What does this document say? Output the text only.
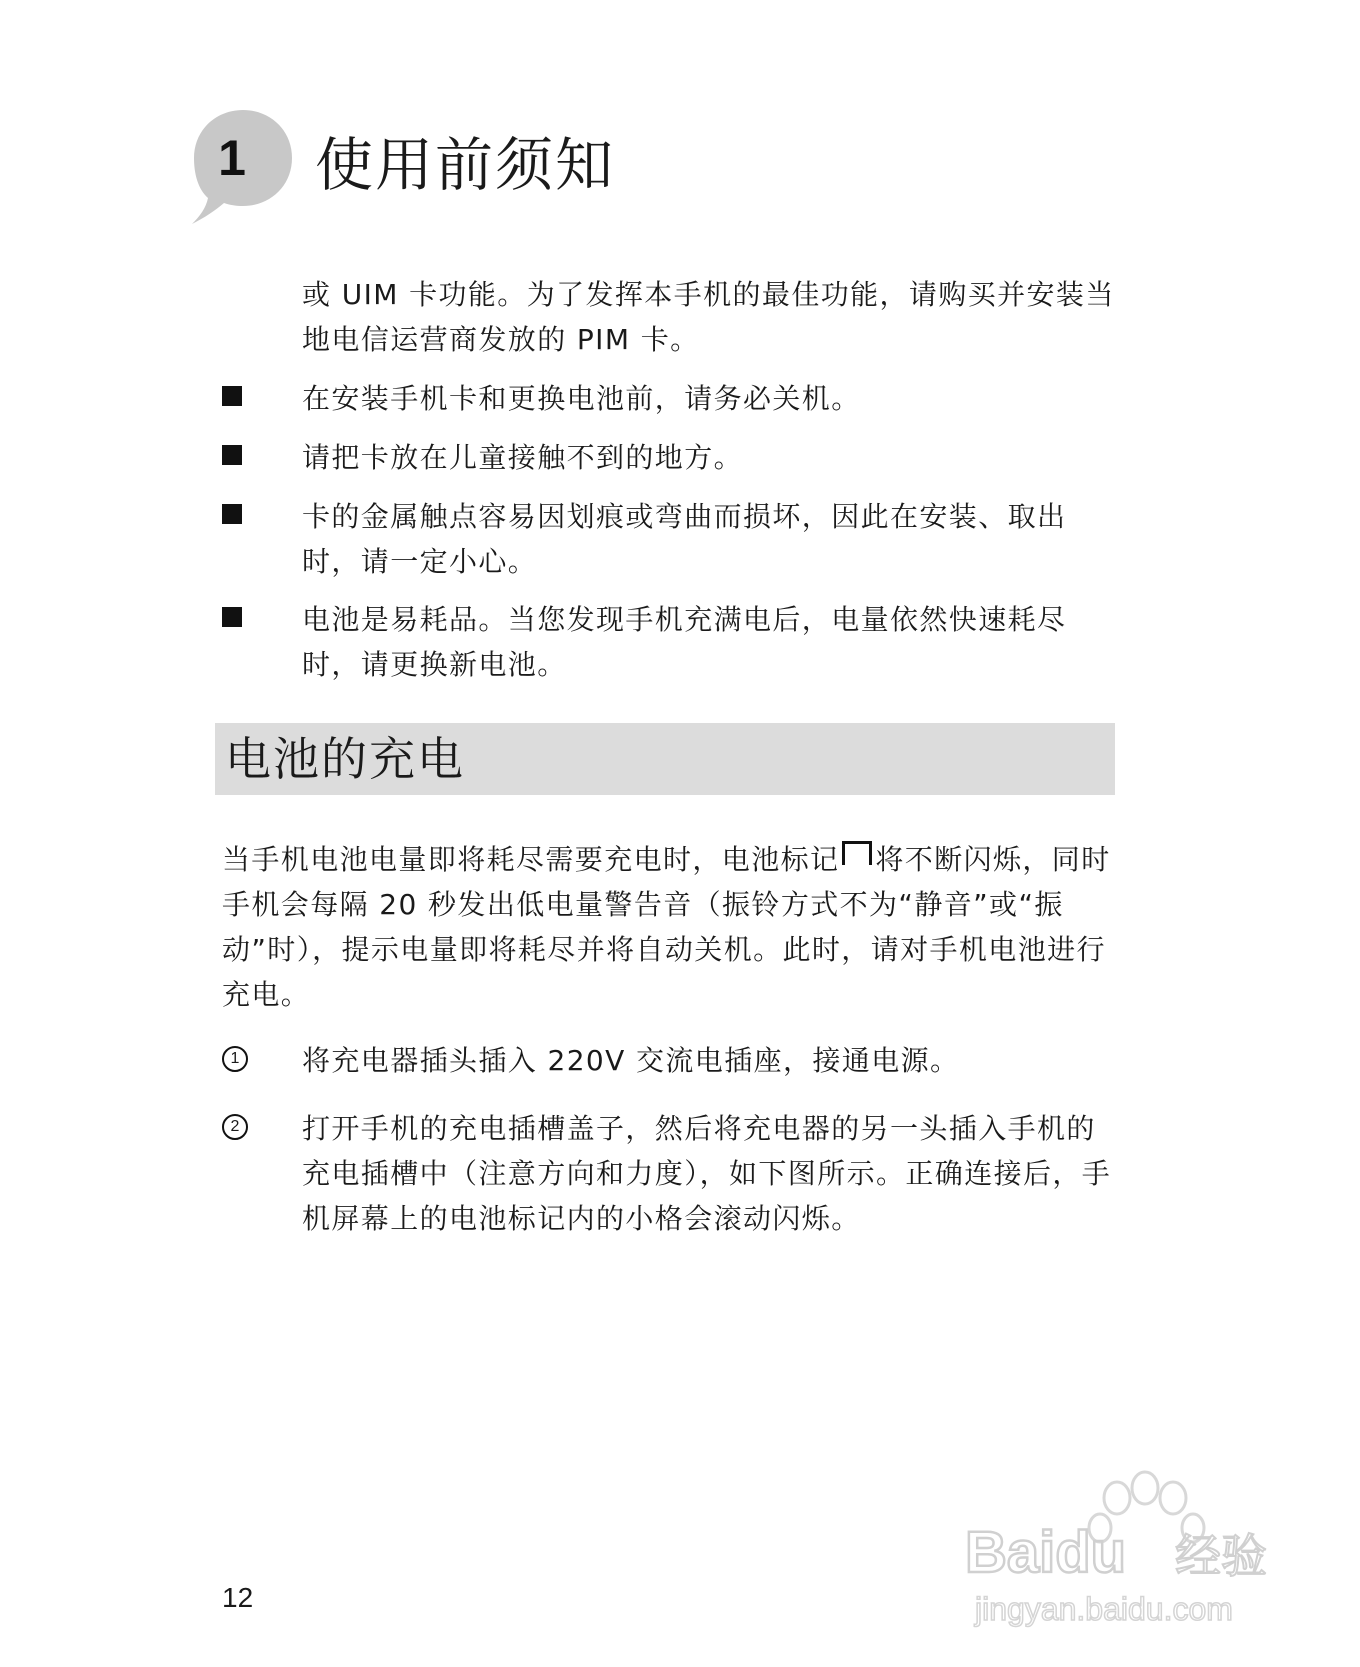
1	使用前须知

或 UIM 卡功能。为了发挥本手机的最佳功能，请购买并安装当地电信运营商发放的 PIM 卡。

在安装手机卡和更换电池前，请务必关机。

请把卡放在儿童接触不到的地方。

卡的金属触点容易因划痕或弯曲而损坏，因此在安装、取出时，请一定小心。

电池是易耗品。当您发现手机充满电后，电量依然快速耗尽时，请更换新电池。

电池的充电

当手机电池电量即将耗尽需要充电时，电池标记 将不断闪烁，同时手机会每隔 20 秒发出低电量警告音（振铃方式不为“静音”或“振动”时），提示电量即将耗尽并将自动关机。此时，请对手机电池进行充电。

1	将充电器插头插入 220V 交流电插座，接通电源。

2	打开手机的充电插槽盖子，然后将充电器的另一头插入手机的充电插槽中（注意方向和力度），如下图所示。正确连接后，手机屏幕上的电池标记内的小格会滚动闪烁。

12
Baidu 经验
jingyan.baidu.com
